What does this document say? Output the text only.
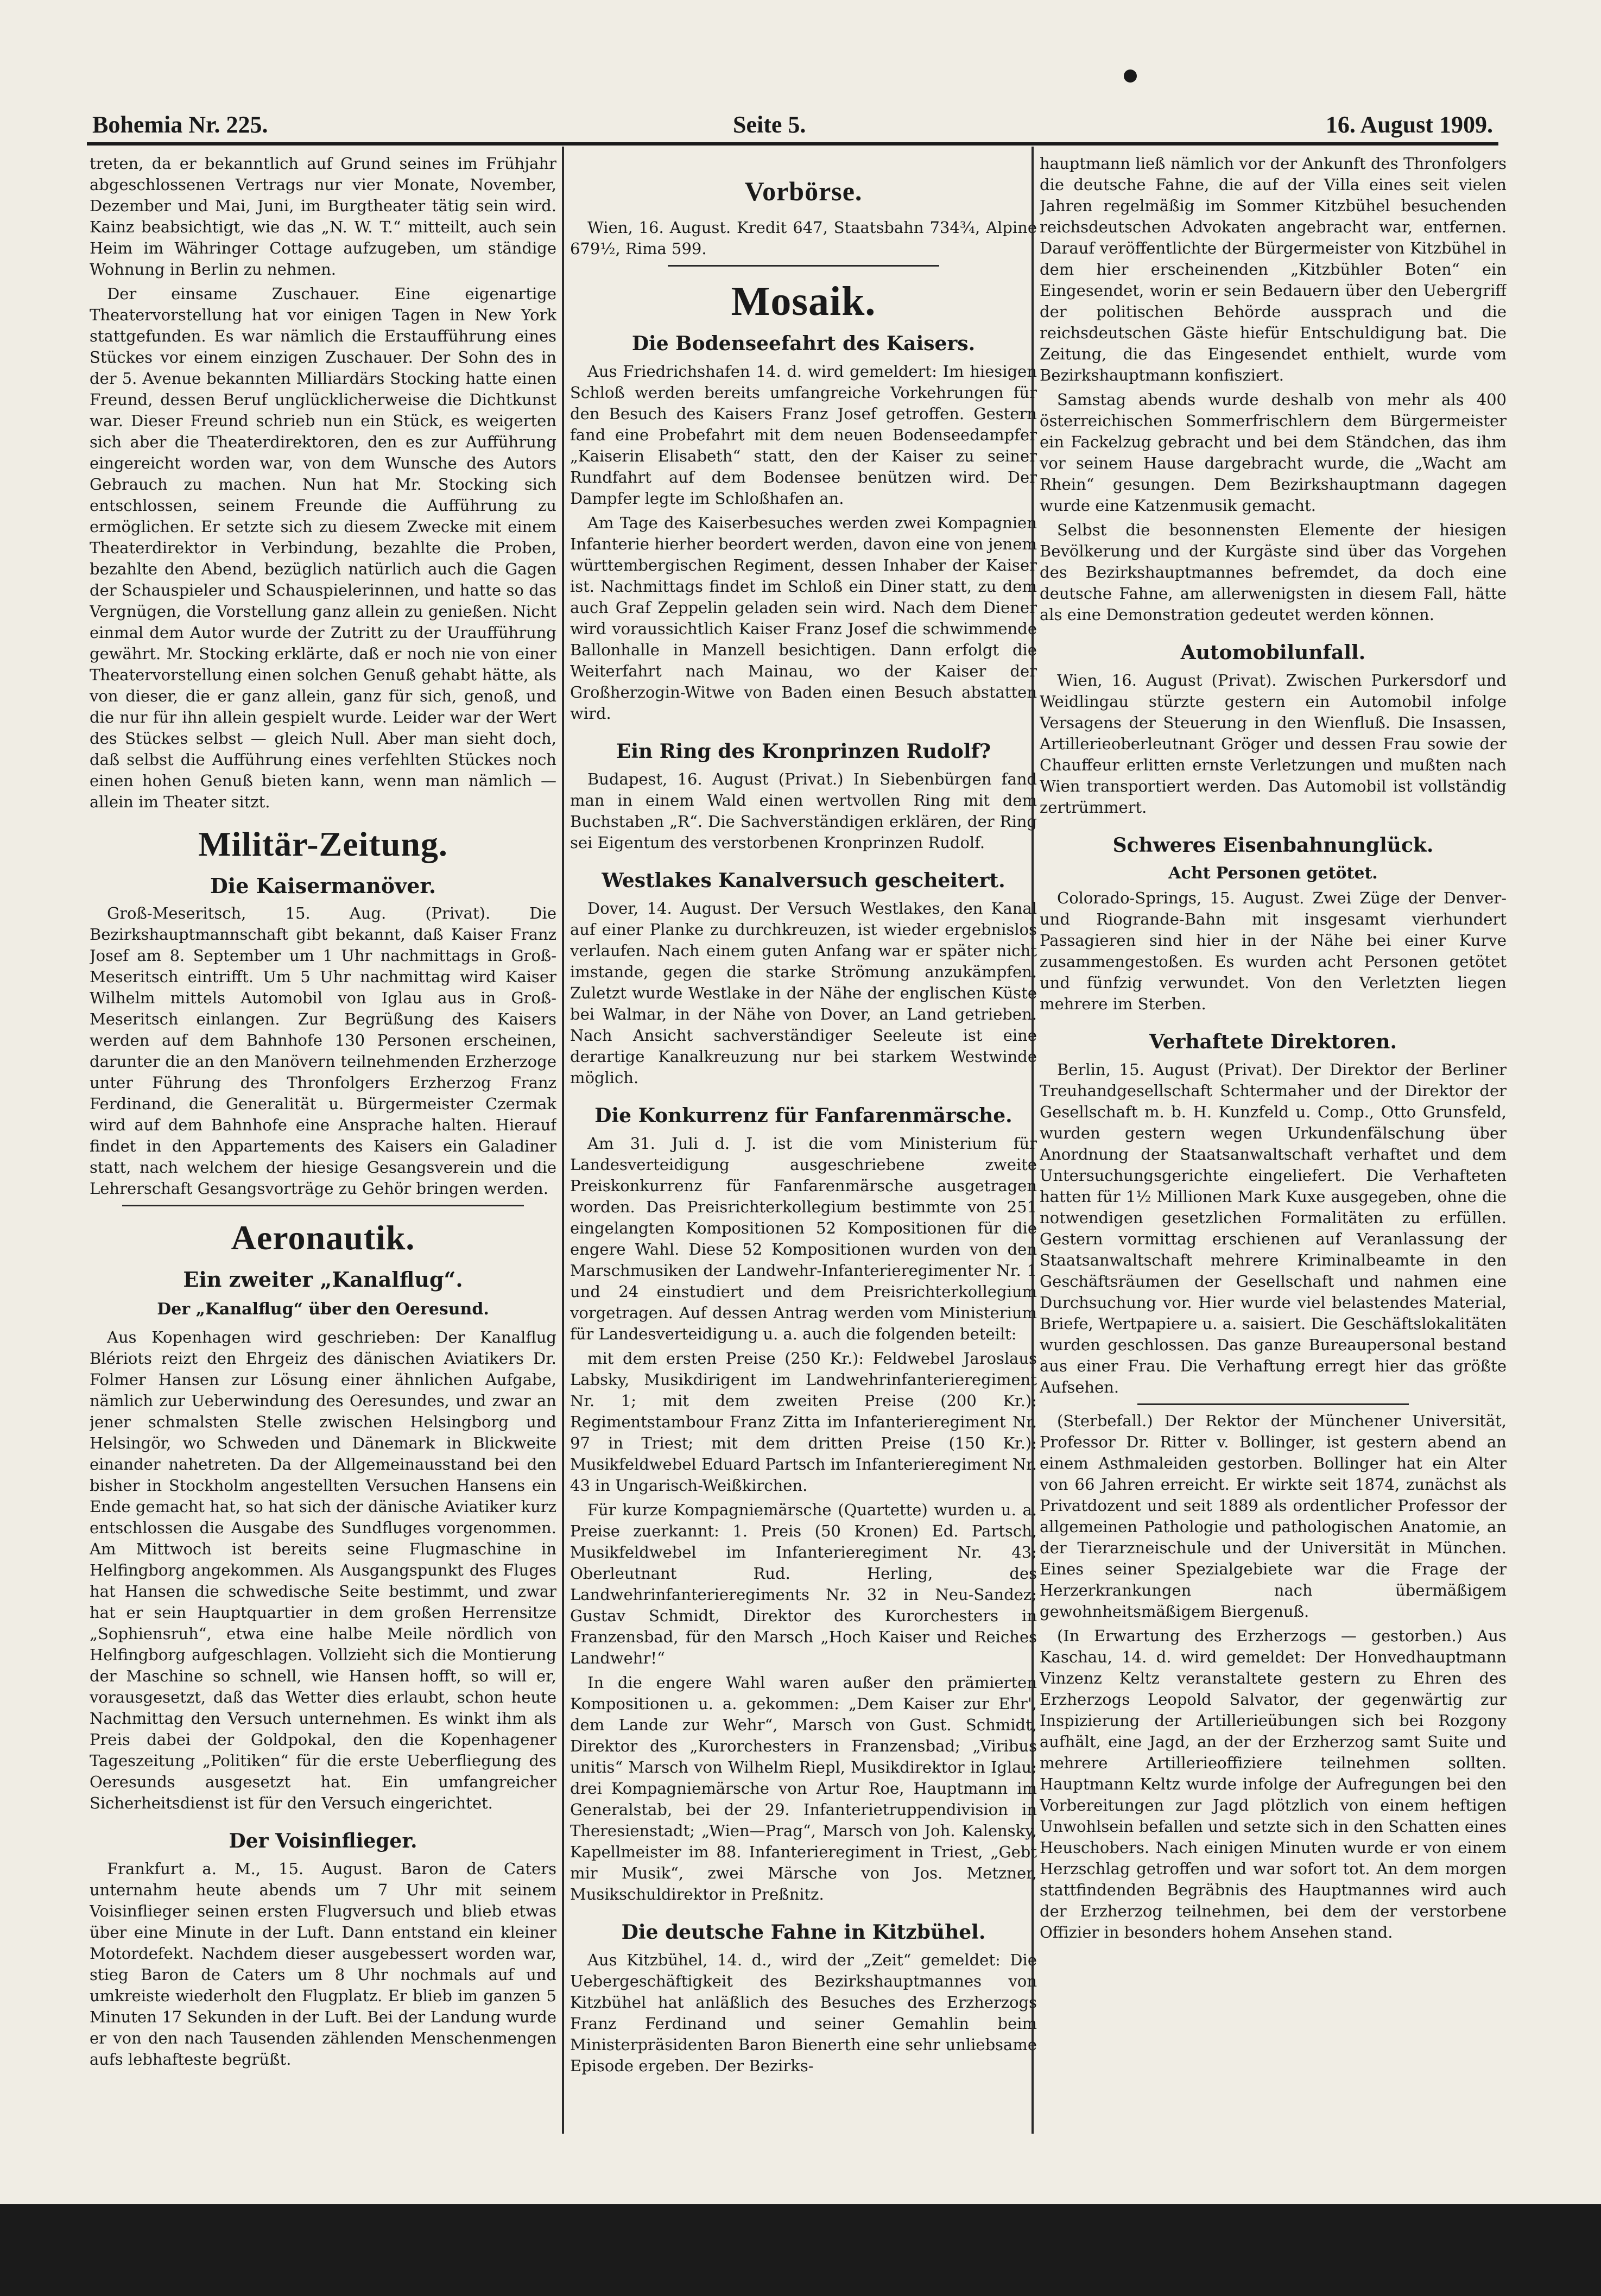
Bohemia Nr. 225.	Seite 5.	16. August 1909.

treten, da er bekanntlich auf Grund seines im Frühjahr abgeschlossenen Vertrags nur vier Monate, November, Dezember und Mai, Juni, im Burgtheater tätig sein wird. Kainz beabsichtigt, wie das „N. W. T.“ mitteilt, auch sein Heim im Währinger Cottage aufzugeben, um ständige Wohnung in Berlin zu nehmen.

Der einsame Zuschauer. Eine eigenartige Theatervorstellung hat vor einigen Tagen in New York stattgefunden. Es war nämlich die Erstaufführung eines Stückes vor einem einzigen Zuschauer. Der Sohn des in der 5. Avenue bekannten Milliardärs Stocking hatte einen Freund, dessen Beruf unglücklicherweise die Dichtkunst war. Dieser Freund schrieb nun ein Stück, es weigerten sich aber die Theaterdirektoren, den es zur Aufführung eingereicht worden war, von dem Wunsche des Autors Gebrauch zu machen. Nun hat Mr. Stocking sich entschlossen, seinem Freunde die Aufführung zu ermöglichen. Er setzte sich zu diesem Zwecke mit einem Theaterdirektor in Verbindung, bezahlte die Proben, bezahlte den Abend, bezüglich natürlich auch die Gagen der Schauspieler und Schauspielerinnen, und hatte so das Vergnügen, die Vorstellung ganz allein zu genießen. Nicht einmal dem Autor wurde der Zutritt zu der Uraufführung gewährt. Mr. Stocking erklärte, daß er noch nie von einer Theatervorstellung einen solchen Genuß gehabt hätte, als von dieser, die er ganz allein, ganz für sich, genoß, und die nur für ihn allein gespielt wurde. Leider war der Wert des Stückes selbst — gleich Null. Aber man sieht doch, daß selbst die Aufführung eines verfehlten Stückes noch einen hohen Genuß bieten kann, wenn man nämlich — allein im Theater sitzt.

Militär-Zeitung.
Die Kaisermanöver.

Groß-Meseritsch, 15. Aug. (Privat). Die Bezirkshauptmannschaft gibt bekannt, daß Kaiser Franz Josef am 8. September um 1 Uhr nachmittags in Groß-Meseritsch eintrifft. Um 5 Uhr nachmittag wird Kaiser Wilhelm mittels Automobil von Iglau aus in Groß-Meseritsch einlangen. Zur Begrüßung des Kaisers werden auf dem Bahnhofe 130 Personen erscheinen, darunter die an den Manövern teilnehmenden Erzherzoge unter Führung des Thronfolgers Erzherzog Franz Ferdinand, die Generalität u. Bürgermeister Czermak wird auf dem Bahnhofe eine Ansprache halten. Hierauf findet in den Appartements des Kaisers ein Galadiner statt, nach welchem der hiesige Gesangsverein und die Lehrerschaft Gesangsvorträge zu Gehör bringen werden.

Aeronautik.
Ein zweiter „Kanalflug“.
Der „Kanalflug“ über den Oeresund.

Aus Kopenhagen wird geschrieben: Der Kanalflug Blériots reizt den Ehrgeiz des dänischen Aviatikers Dr. Folmer Hansen zur Lösung einer ähnlichen Aufgabe, nämlich zur Ueberwindung des Oeresundes, und zwar an jener schmalsten Stelle zwischen Helsingborg und Helsingör, wo Schweden und Dänemark in Blickweite einander nahetreten. Da der Allgemeinausstand bei den bisher in Stockholm angestellten Versuchen Hansens ein Ende gemacht hat, so hat sich der dänische Aviatiker kurz entschlossen die Ausgabe des Sundfluges vorgenommen. Am Mittwoch ist bereits seine Flugmaschine in Helfingborg angekommen. Als Ausgangspunkt des Fluges hat Hansen die schwedische Seite bestimmt, und zwar hat er sein Hauptquartier in dem großen Herrensitze „Sophiensruh“, etwa eine halbe Meile nördlich von Helfingborg aufgeschlagen. Vollzieht sich die Montierung der Maschine so schnell, wie Hansen hofft, so will er, vorausgesetzt, daß das Wetter dies erlaubt, schon heute Nachmittag den Versuch unternehmen. Es winkt ihm als Preis dabei der Goldpokal, den die Kopenhagener Tageszeitung „Politiken“ für die erste Ueberfliegung des Oeresunds ausgesetzt hat. Ein umfangreicher Sicherheitsdienst ist für den Versuch eingerichtet.

Der Voisinflieger.

Frankfurt a. M., 15. August. Baron de Caters unternahm heute abends um 7 Uhr mit seinem Voisinflieger seinen ersten Flugversuch und blieb etwas über eine Minute in der Luft. Dann entstand ein kleiner Motordefekt. Nachdem dieser ausgebessert worden war, stieg Baron de Caters um 8 Uhr nochmals auf und umkreiste wiederholt den Flugplatz. Er blieb im ganzen 5 Minuten 17 Sekunden in der Luft. Bei der Landung wurde er von den nach Tausenden zählenden Menschenmengen aufs lebhafteste begrüßt.

Vorbörse.

Wien, 16. August. Kredit 647, Staatsbahn 734¾, Alpine 679½, Rima 599.

Mosaik.
Die Bodenseefahrt des Kaisers.

Aus Friedrichshafen 14. d. wird gemeldert: Im hiesigen Schloß werden bereits umfangreiche Vorkehrungen für den Besuch des Kaisers Franz Josef getroffen. Gestern fand eine Probefahrt mit dem neuen Bodenseedampfer „Kaiserin Elisabeth“ statt, den der Kaiser zu seiner Rundfahrt auf dem Bodensee benützen wird. Der Dampfer legte im Schloßhafen an.

Am Tage des Kaiserbesuches werden zwei Kompagnien Infanterie hierher beordert werden, davon eine von jenem württembergischen Regiment, dessen Inhaber der Kaiser ist. Nachmittags findet im Schloß ein Diner statt, zu dem auch Graf Zeppelin geladen sein wird. Nach dem Diener wird voraussichtlich Kaiser Franz Josef die schwimmende Ballonhalle in Manzell besichtigen. Dann erfolgt die Weiterfahrt nach Mainau, wo der Kaiser der Großherzogin-Witwe von Baden einen Besuch abstatten wird.

Ein Ring des Kronprinzen Rudolf?

Budapest, 16. August (Privat.) In Siebenbürgen fand man in einem Wald einen wertvollen Ring mit dem Buchstaben „R“. Die Sachverständigen erklären, der Ring sei Eigentum des verstorbenen Kronprinzen Rudolf.

Westlakes Kanalversuch gescheitert.

Dover, 14. August. Der Versuch Westlakes, den Kanal auf einer Planke zu durchkreuzen, ist wieder ergebnislos verlaufen. Nach einem guten Anfang war er später nicht imstande, gegen die starke Strömung anzukämpfen. Zuletzt wurde Westlake in der Nähe der englischen Küste bei Walmar, in der Nähe von Dover, an Land getrieben. Nach Ansicht sachverständiger Seeleute ist eine derartige Kanalkreuzung nur bei starkem Westwinde möglich.

Die Konkurrenz für Fanfarenmärsche.

Am 31. Juli d. J. ist die vom Ministerium für Landesverteidigung ausgeschriebene zweite Preiskonkurrenz für Fanfarenmärsche ausgetragen worden. Das Preisrichterkollegium bestimmte von 251 eingelangten Kompositionen 52 Kompositionen für die engere Wahl. Diese 52 Kompositionen wurden von den Marschmusiken der Landwehr-Infanterieregimenter Nr. 1 und 24 einstudiert und dem Preisrichterkollegium vorgetragen. Auf dessen Antrag werden vom Ministerium für Landesverteidigung u. a. auch die folgenden beteilt:

mit dem ersten Preise (250 Kr.): Feldwebel Jaroslaus Labsky, Musikdirigent im Landwehrinfanterieregiment Nr. 1; mit dem zweiten Preise (200 Kr.): Regimentstambour Franz Zitta im Infanterieregiment Nr. 97 in Triest; mit dem dritten Preise (150 Kr.): Musikfeldwebel Eduard Partsch im Infanterieregiment Nr. 43 in Ungarisch-Weißkirchen.

Für kurze Kompagniemärsche (Quartette) wurden u. a. Preise zuerkannt: 1. Preis (50 Kronen) Ed. Partsch, Musikfeldwebel im Infanterieregiment Nr. 43; Oberleutnant Rud. Herling, des Landwehrinfanterieregiments Nr. 32 in Neu-Sandez; Gustav Schmidt, Direktor des Kurorchesters in Franzensbad, für den Marsch „Hoch Kaiser und Reiches Landwehr!“

In die engere Wahl waren außer den prämierten Kompositionen u. a. gekommen: „Dem Kaiser zur Ehr', dem Lande zur Wehr“, Marsch von Gust. Schmidt, Direktor des „Kurorchesters in Franzensbad; „Viribus unitis“ Marsch von Wilhelm Riepl, Musikdirektor in Iglau; drei Kompagniemärsche von Artur Roe, Hauptmann im Generalstab, bei der 29. Infanterietruppendivision in Theresienstadt; „Wien—Prag“, Marsch von Joh. Kalensky, Kapellmeister im 88. Infanterieregiment in Triest, „Gebt mir Musik“, zwei Märsche von Jos. Metzner, Musikschuldirektor in Preßnitz.

Die deutsche Fahne in Kitzbühel.

Aus Kitzbühel, 14. d., wird der „Zeit“ gemeldet: Die Uebergeschäftigkeit des Bezirkshauptmannes von Kitzbühel hat anläßlich des Besuches des Erzherzogs Franz Ferdinand und seiner Gemahlin beim Ministerpräsidenten Baron Bienerth eine sehr unliebsame Episode ergeben. Der Bezirks-

hauptmann ließ nämlich vor der Ankunft des Thronfolgers die deutsche Fahne, die auf der Villa eines seit vielen Jahren regelmäßig im Sommer Kitzbühel besuchenden reichsdeutschen Advokaten angebracht war, entfernen. Darauf veröffentlichte der Bürgermeister von Kitzbühel in dem hier erscheinenden „Kitzbühler Boten“ ein Eingesendet, worin er sein Bedauern über den Uebergriff der politischen Behörde aussprach und die reichsdeutschen Gäste hiefür Entschuldigung bat. Die Zeitung, die das Eingesendet enthielt, wurde vom Bezirkshauptmann konfisziert.

Samstag abends wurde deshalb von mehr als 400 österreichischen Sommerfrischlern dem Bürgermeister ein Fackelzug gebracht und bei dem Ständchen, das ihm vor seinem Hause dargebracht wurde, die „Wacht am Rhein“ gesungen. Dem Bezirkshauptmann dagegen wurde eine Katzenmusik gemacht.

Selbst die besonnensten Elemente der hiesigen Bevölkerung und der Kurgäste sind über das Vorgehen des Bezirkshauptmannes befremdet, da doch eine deutsche Fahne, am allerwenigsten in diesem Fall, hätte als eine Demonstration gedeutet werden können.

Automobilunfall.

Wien, 16. August (Privat). Zwischen Purkersdorf und Weidlingau stürzte gestern ein Automobil infolge Versagens der Steuerung in den Wienfluß. Die Insassen, Artillerieoberleutnant Gröger und dessen Frau sowie der Chauffeur erlitten ernste Verletzungen und mußten nach Wien transportiert werden. Das Automobil ist vollständig zertrümmert.

Schweres Eisenbahnunglück.
Acht Personen getötet.

Colorado-Springs, 15. August. Zwei Züge der Denver- und Riogrande-Bahn mit insgesamt vierhundert Passagieren sind hier in der Nähe bei einer Kurve zusammengestoßen. Es wurden acht Personen getötet und fünfzig verwundet. Von den Verletzten liegen mehrere im Sterben.

Verhaftete Direktoren.

Berlin, 15. August (Privat). Der Direktor der Berliner Treuhandgesellschaft Schtermaher und der Direktor der Gesellschaft m. b. H. Kunzfeld u. Comp., Otto Grunsfeld, wurden gestern wegen Urkundenfälschung über Anordnung der Staatsanwaltschaft verhaftet und dem Untersuchungsgerichte eingeliefert. Die Verhafteten hatten für 1½ Millionen Mark Kuxe ausgegeben, ohne die notwendigen gesetzlichen Formalitäten zu erfüllen. Gestern vormittag erschienen auf Veranlassung der Staatsanwaltschaft mehrere Kriminalbeamte in den Geschäftsräumen der Gesellschaft und nahmen eine Durchsuchung vor. Hier wurde viel belastendes Material, Briefe, Wertpapiere u. a. saisiert. Die Geschäftslokalitäten wurden geschlossen. Das ganze Bureaupersonal bestand aus einer Frau. Die Verhaftung erregt hier das größte Aufsehen.

(Sterbefall.) Der Rektor der Münchener Universität, Professor Dr. Ritter v. Bollinger, ist gestern abend an einem Asthmaleiden gestorben. Bollinger hat ein Alter von 66 Jahren erreicht. Er wirkte seit 1874, zunächst als Privatdozent und seit 1889 als ordentlicher Professor der allgemeinen Pathologie und pathologischen Anatomie, an der Tierarzneischule und der Universität in München. Eines seiner Spezialgebiete war die Frage der Herzerkrankungen nach übermäßigem gewohnheitsmäßigem Biergenuß.

(In Erwartung des Erzherzogs — gestorben.) Aus Kaschau, 14. d. wird gemeldet: Der Honvedhauptmann Vinzenz Keltz veranstaltete gestern zu Ehren des Erzherzogs Leopold Salvator, der gegenwärtig zur Inspizierung der Artillerieübungen sich bei Rozgony aufhält, eine Jagd, an der der Erzherzog samt Suite und mehrere Artillerieoffiziere teilnehmen sollten. Hauptmann Keltz wurde infolge der Aufregungen bei den Vorbereitungen zur Jagd plötzlich von einem heftigen Unwohlsein befallen und setzte sich in den Schatten eines Heuschobers. Nach einigen Minuten wurde er von einem Herzschlag getroffen und war sofort tot. An dem morgen stattfindenden Begräbnis des Hauptmannes wird auch der Erzherzog teilnehmen, bei dem der verstorbene Offizier in besonders hohem Ansehen stand.
